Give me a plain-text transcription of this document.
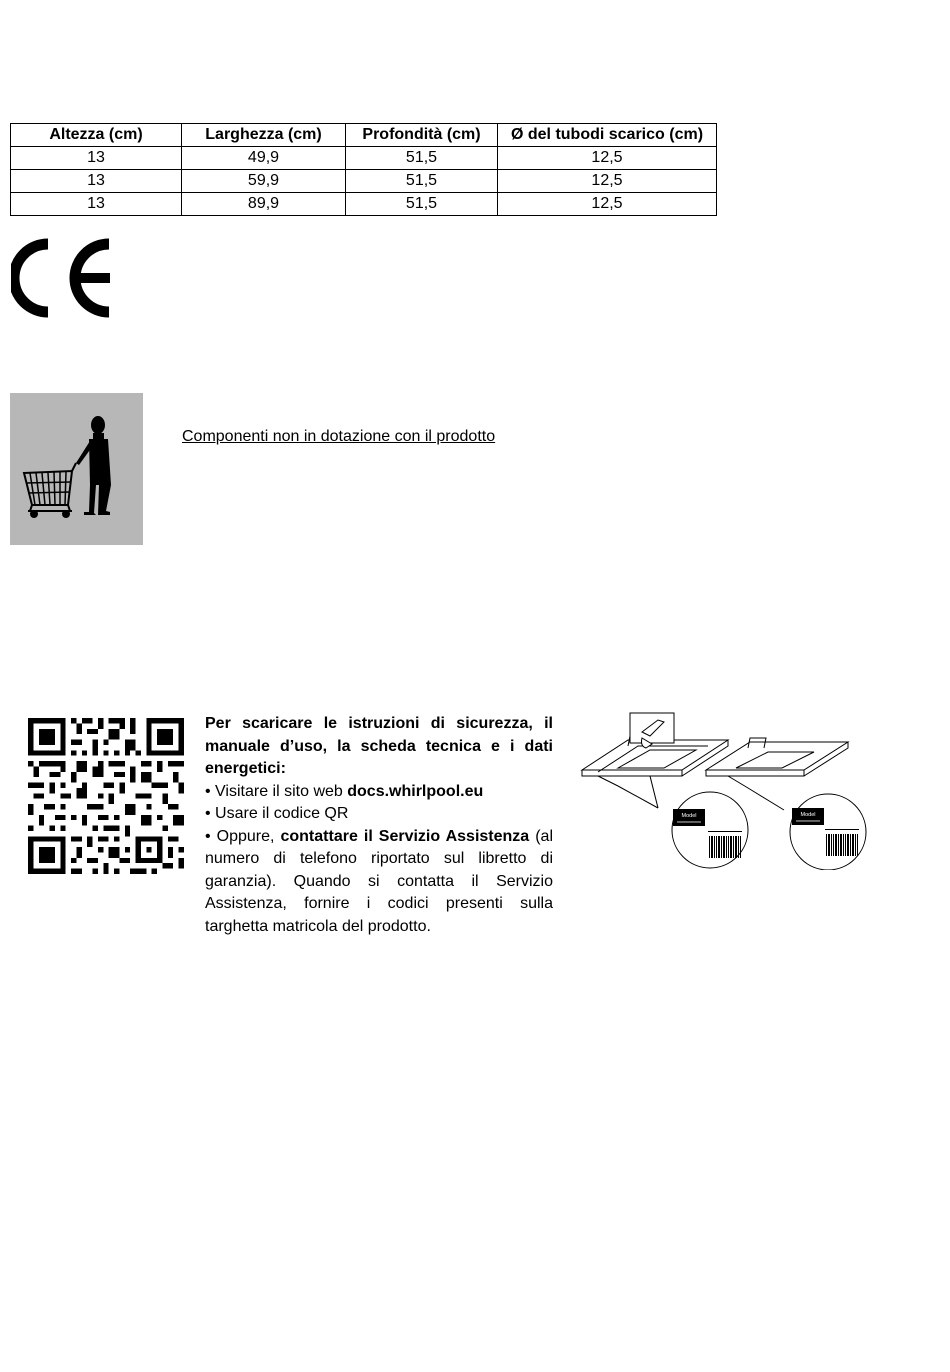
Altezza (cm)	Larghezza (cm)	Profondità (cm)	Ø del tubodi scarico (cm)
13	49,9	51,5	12,5
13	59,9	51,5	12,5
13	89,9	51,5	12,5
Componenti non in dotazione con il prodotto

Per scaricare le istruzioni di sicurezza, il manuale d’uso, la scheda tecnica e i dati energetici:

• Visitare il sito web docs.whirlpool.eu

• Usare il codice QR

• Oppure, contattare il Servizio Assistenza (al numero di telefono riportato sul libretto di garanzia). Quando si contatta il Servizio Assistenza, fornire i codici presenti sulla targhetta matricola del prodotto.

Model
xxxxxxxxxxxx
Model
xxxxxxxxxxxx
